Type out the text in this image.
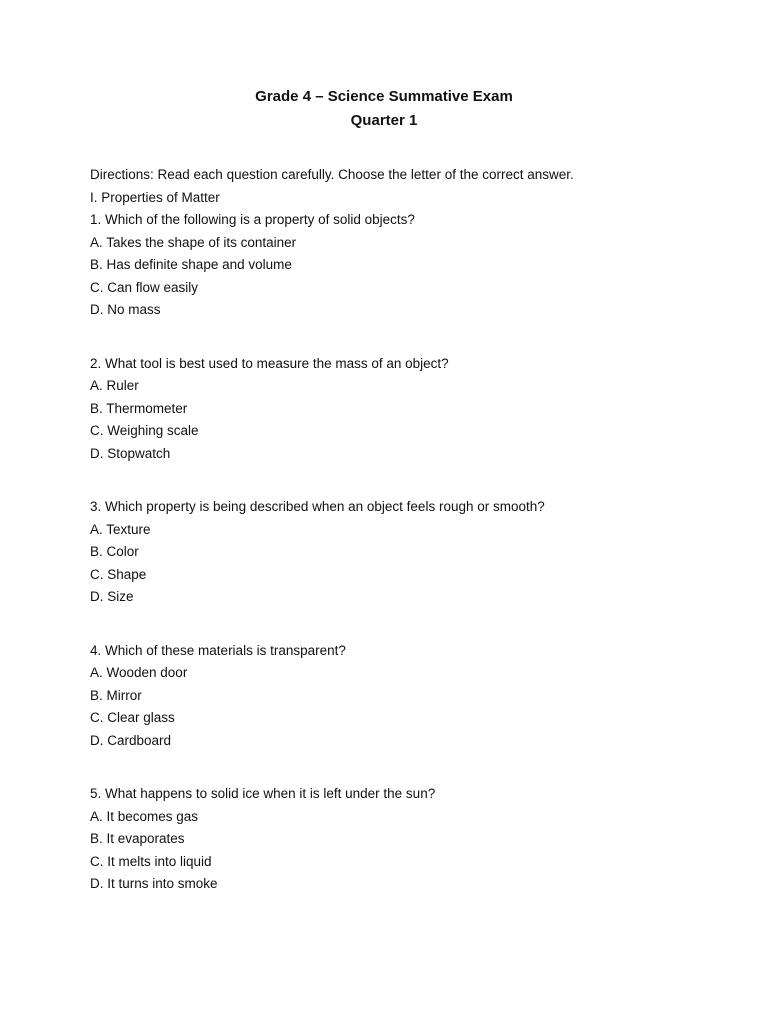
Grade 4 – Science Summative Exam
Quarter 1
Directions: Read each question carefully. Choose the letter of the correct answer.
I. Properties of Matter
1. Which of the following is a property of solid objects?
A. Takes the shape of its container
B. Has definite shape and volume
C. Can flow easily
D. No mass
2. What tool is best used to measure the mass of an object?
A. Ruler
B. Thermometer
C. Weighing scale
D. Stopwatch
3. Which property is being described when an object feels rough or smooth?
A. Texture
B. Color
C. Shape
D. Size
4. Which of these materials is transparent?
A. Wooden door
B. Mirror
C. Clear glass
D. Cardboard
5. What happens to solid ice when it is left under the sun?
A. It becomes gas
B. It evaporates
C. It melts into liquid
D. It turns into smoke
